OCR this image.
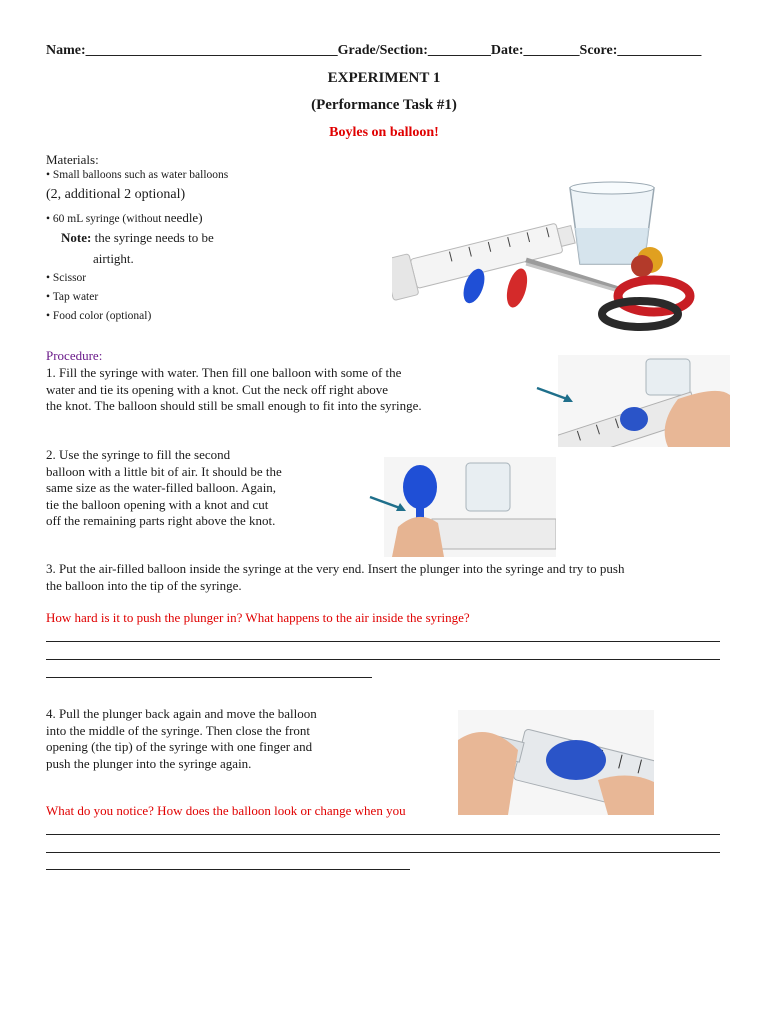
Name:____________________________________Grade/Section:_________Date:________Score:____________
EXPERIMENT 1
(Performance Task #1)
Boyles on balloon!
Materials:
• Small balloons such as water balloons
(2, additional 2 optional)
• 60 mL syringe (without needle)
Note: the syringe needs to be
airtight.
• Scissor
• Tap water
• Food color (optional)
Procedure:
1. Fill the syringe with water. Then fill one balloon with some of the
water and tie its opening with a knot. Cut the neck off right above
the knot. The balloon should still be small enough to fit into the syringe.
2. Use the syringe to fill the second
balloon with a little bit of air. It should be the
same size as the water-filled balloon. Again,
tie the balloon opening with a knot and cut
off the remaining parts right above the knot.
3. Put the air-filled balloon inside the syringe at the very end. Insert the plunger into the syringe and try to push
the balloon into the tip of the syringe.
How hard is it to push the plunger in? What happens to the air inside the syringe?
4. Pull the plunger back again and move the balloon
into the middle of the syringe. Then close the front
opening (the tip) of the syringe with one finger and
push the plunger into the syringe again.
What do you notice? How does the balloon look or change when you
